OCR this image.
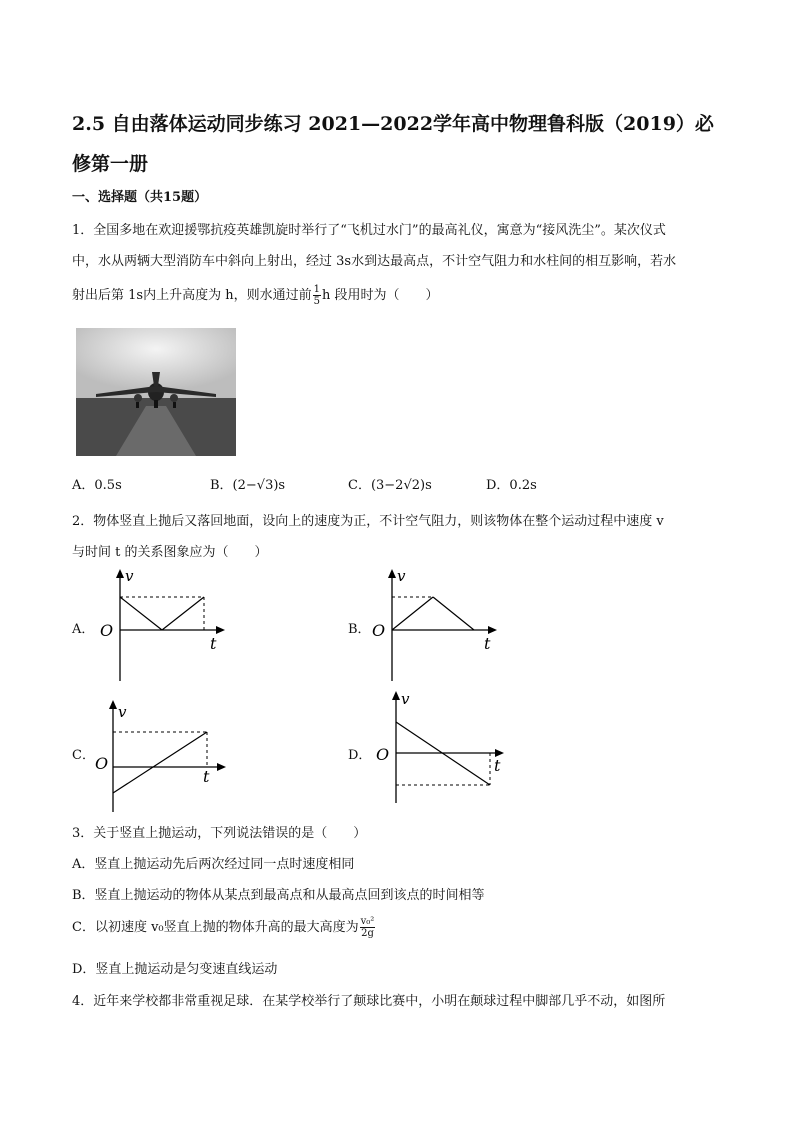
2.5 自由落体运动同步练习 2021—2022学年高中物理鲁科版（2019）必修第一册
一、选择题（共15题）
1．全国多地在欢迎援鄂抗疫英雄凯旋时举行了“飞机过水门”的最高礼仪，寓意为“接风洗尘”。某次仪式
中，水从两辆大型消防车中斜向上射出，经过 3s水到达最高点，不计空气阻力和水柱间的相互影响，若水
射出后第 1s内上升高度为 h，则水通过前 $\frac{1}{5}$ h 段用时为（　　）
A．0.5s	B．(2−√3)s	C．(3−2√2)s	D．0.2s
2．物体竖直上抛后又落回地面，设向上的速度为正，不计空气阻力，则该物体在整个运动过程中速度 v
与时间 t 的关系图象应为（　　）
A．
v
O
t
B．
v
O
t
C．
v
O
t
D．
v
O
t
3．关于竖直上抛运动，下列说法错误的是（　　）
A．竖直上抛运动先后两次经过同一点时速度相同
B．竖直上抛运动的物体从某点到最高点和从最高点回到该点的时间相等
C．以初速度 v₀竖直上抛的物体升高的最大高度为 $\frac{\text{v₀²}}{2g}$
D．竖直上抛运动是匀变速直线运动
4．近年来学校都非常重视足球．在某学校举行了颠球比赛中，小明在颠球过程中脚部几乎不动，如图所
